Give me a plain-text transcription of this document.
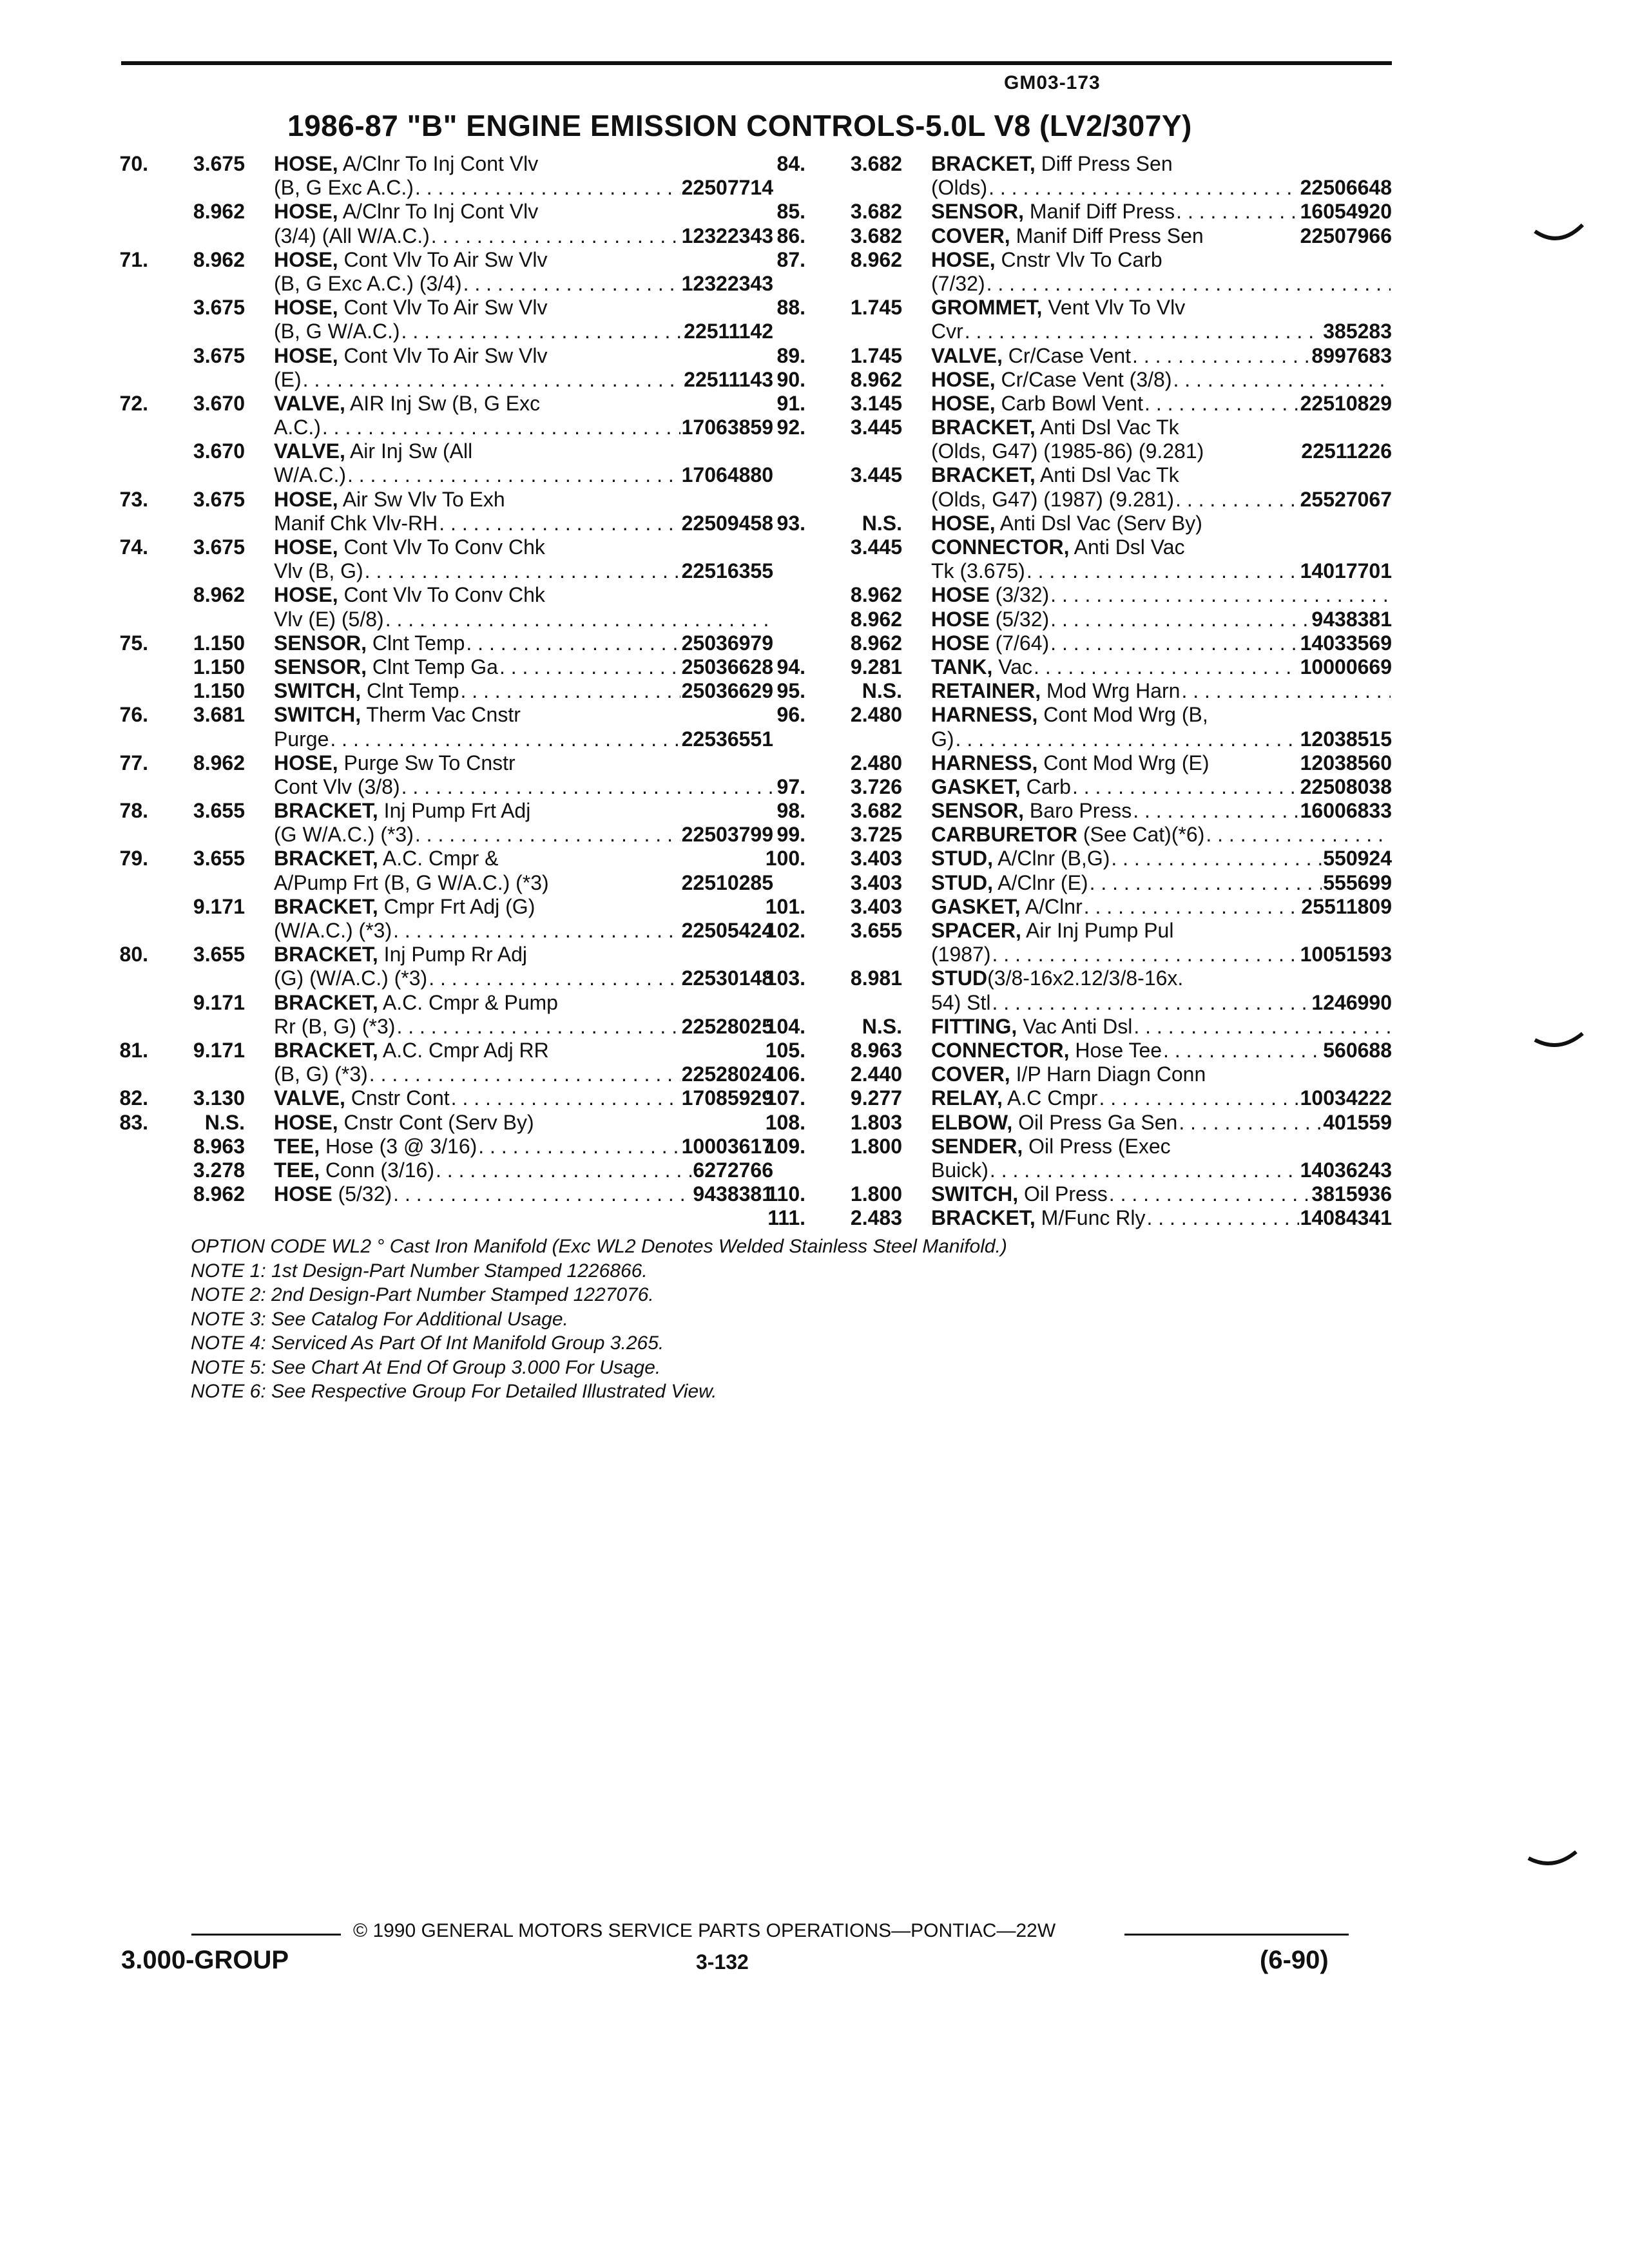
GM03-173
1986-87 "B" ENGINE EMISSION CONTROLS-5.0L V8 (LV2/307Y)
70.	3.675 HOSE, A/Clnr To Inj Cont Vlv
(B, G Exc A.C.) . . .	22507714
8.962 HOSE, A/Clnr To Inj Cont Vlv
(3/4) (All W/A.C.) . . .	12322343
71.	8.962 HOSE, Cont Vlv To Air Sw Vlv
(B, G Exc A.C.) (3/4) . . .	12322343
3.675 HOSE, Cont Vlv To Air Sw Vlv
(B, G W/A.C.) . . .	22511142
3.675 HOSE, Cont Vlv To Air Sw Vlv
(E) . . .	22511143
72.	3.670 VALVE, AIR Inj Sw (B, G Exc
A.C.) . . .	17063859
3.670 VALVE, Air Inj Sw (All
W/A.C.) . . .	17064880
73.	3.675 HOSE, Air Sw Vlv To Exh
Manif Chk Vlv-RH . . .	22509458
74.	3.675 HOSE, Cont Vlv To Conv Chk
Vlv (B, G) . . .	22516355
8.962 HOSE, Cont Vlv To Conv Chk
Vlv (E) (5/8)
. . .
75.	1.150 SENSOR, Clnt Temp . . .	25036979
1.150 SENSOR, Clnt Temp Ga . . .	25036628
1.150 SWITCH, Clnt Temp . . .	25036629
76.	3.681 SWITCH, Therm Vac Cnstr
Purge . . .	22536551
77.	8.962 HOSE, Purge Sw To Cnstr
Cont Vlv (3/8)
. . .
78.	3.655 BRACKET, Inj Pump Frt Adj
(G W/A.C.) (*3) . . .	22503799
79.	3.655 BRACKET, A.C. Cmpr &
A/Pump Frt (B, G W/A.C.) (*3)	22510285
9.171 BRACKET, Cmpr Frt Adj (G)
(W/A.C.) (*3) . . .	22505424
80.	3.655 BRACKET, Inj Pump Rr Adj
(G) (W/A.C.) (*3) . . .	22530148
9.171 BRACKET, A.C. Cmpr & Pump
Rr (B, G) (*3) . . .	22528025
81.	9.171 BRACKET, A.C. Cmpr Adj RR
(B, G) (*3) . . .	22528024
82.	3.130 VALVE, Cnstr Cont . . .	17085929
83.	N.S. HOSE, Cnstr Cont (Serv By)
8.963 TEE, Hose (3 @ 3/16) . . .	10003617
3.278 TEE, Conn (3/16) . . .	6272766
8.962 HOSE (5/32) . . .	9438381
84.	3.682 BRACKET, Diff Press Sen
(Olds) . . .	22506648
85.	3.682 SENSOR, Manif Diff Press . . .	16054920
86.	3.682 COVER, Manif Diff Press Sen	22507966
87.	8.962 HOSE, Cnstr Vlv To Carb
(7/32)
. . .
88.	1.745 GROMMET, Vent Vlv To Vlv
Cvr . . .	385283
89.	1.745 VALVE, Cr/Case Vent . . .	8997683
90.	8.962 HOSE, Cr/Case Vent (3/8)
. . .
91.	3.145 HOSE, Carb Bowl Vent . . .	22510829
92.	3.445 BRACKET, Anti Dsl Vac Tk
(Olds, G47) (1985-86) (9.281)	22511226
3.445 BRACKET, Anti Dsl Vac Tk
(Olds, G47) (1987) (9.281) . . .	25527067
93.	N.S. HOSE, Anti Dsl Vac (Serv By)
3.445 CONNECTOR, Anti Dsl Vac
Tk (3.675) . . .	14017701
8.962 HOSE (3/32)
. . .
8.962 HOSE (5/32) . . .	9438381
8.962 HOSE (7/64) . . .	14033569
94.	9.281 TANK, Vac . . .	10000669
95.	N.S. RETAINER, Mod Wrg Harn
. . .
96.	2.480 HARNESS, Cont Mod Wrg (B,
G) . . .	12038515
2.480 HARNESS, Cont Mod Wrg (E)	12038560
97.	3.726 GASKET, Carb . . .	22508038
98.	3.682 SENSOR, Baro Press . . .	16006833
99.	3.725 CARBURETOR (See Cat)(*6)
. . .
100.	3.403 STUD, A/Clnr (B,G) . . .	550924
3.403 STUD, A/Clnr (E) . . .	555699
101.	3.403 GASKET, A/Clnr . . .	25511809
102.	3.655 SPACER, Air Inj Pump Pul
(1987) . . .	10051593
103.	8.981 STUD(3/8-16x2.12/3/8-16x.
54) Stl . . .	1246990
104.	N.S. FITTING, Vac Anti Dsl
. . .
105.	8.963 CONNECTOR, Hose Tee . . .	560688
106.	2.440 COVER, I/P Harn Diagn Conn
107.	9.277 RELAY, A.C Cmpr . . .	10034222
108.	1.803 ELBOW, Oil Press Ga Sen . . .	401559
109.	1.800 SENDER, Oil Press (Exec
Buick) . . .	14036243
110.	1.800 SWITCH, Oil Press . . .	3815936
111.	2.483 BRACKET, M/Func Rly . . .	14084341
OPTION CODE WL2 ° Cast Iron Manifold (Exc WL2 Denotes Welded Stainless Steel Manifold.)
NOTE 1: 1st Design-Part Number Stamped 1226866.
NOTE 2: 2nd Design-Part Number Stamped 1227076.
NOTE 3: See Catalog For Additional Usage.
NOTE 4: Serviced As Part Of Int Manifold Group 3.265.
NOTE 5: See Chart At End Of Group 3.000 For Usage.
NOTE 6: See Respective Group For Detailed Illustrated View.
© 1990 GENERAL MOTORS SERVICE PARTS OPERATIONS—PONTIAC—22W
3.000-GROUP	3-132	(6-90)
